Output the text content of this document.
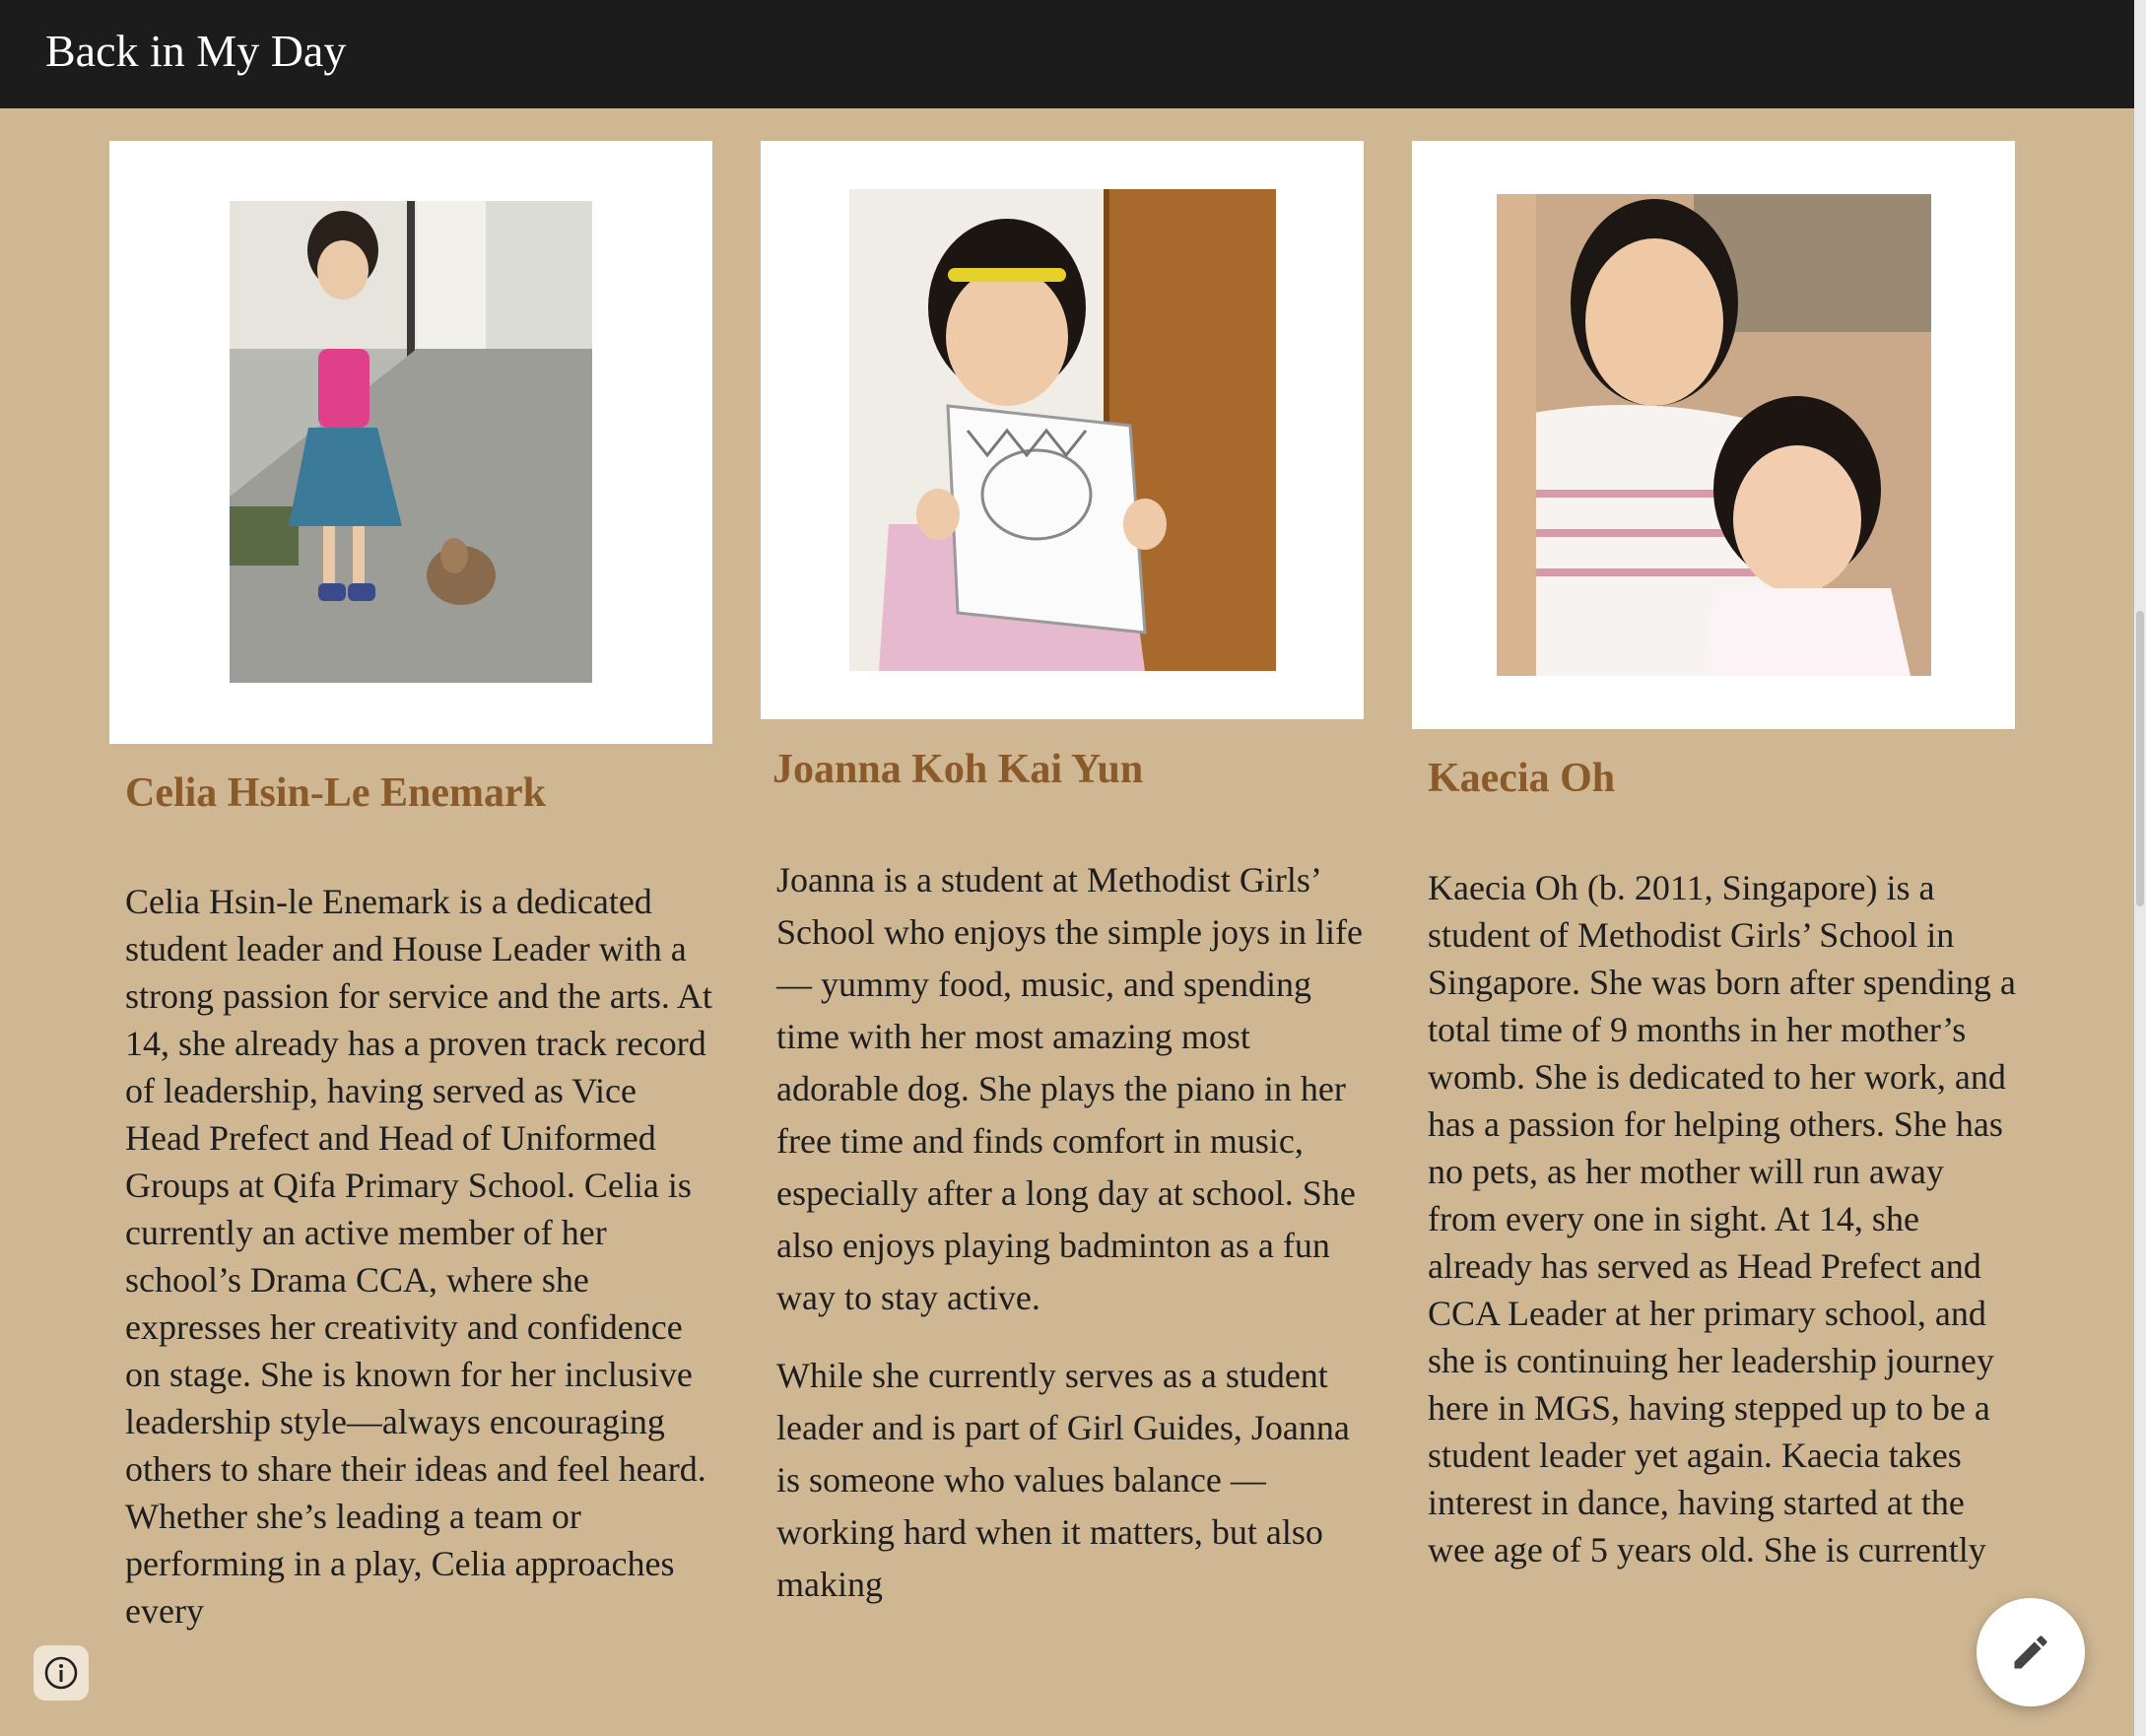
Back in My Day
Celia Hsin-Le Enemark

Celia Hsin-le Enemark is a dedicated student leader and House Leader with a strong passion for service and the arts. At 14, she already has a proven track record of leadership, having served as Vice Head Prefect and Head of Uniformed Groups at Qifa Primary School. Celia is currently an active member of her school’s Drama CCA, where she expresses her creativity and confidence on stage. She is known for her inclusive leadership style—always encouraging others to share their ideas and feel heard. Whether she’s leading a team or performing in a play, Celia approaches every

Joanna Koh Kai Yun

Joanna is a student at Methodist Girls’ School who enjoys the simple joys in life — yummy food, music, and spending time with her most amazing most adorable dog. She plays the piano in her free time and finds comfort in music, especially after a long day at school. She also enjoys playing badminton as a fun way to stay active.

While she currently serves as a student leader and is part of Girl Guides, Joanna is someone who values balance — working hard when it matters, but also making

Kaecia Oh

Kaecia Oh (b. 2011, Singapore) is a student of Methodist Girls’ School in Singapore. She was born after spending a total time of 9 months in her mother’s womb. She is dedicated to her work, and has a passion for helping others. She has no pets, as her mother will run away from every one in sight. At 14, she already has served as Head Prefect and CCA Leader at her primary school, and she is continuing her leadership journey here in MGS, having stepped up to be a student leader yet again. Kaecia takes interest in dance, having started at the wee age of 5 years old. She is currently
